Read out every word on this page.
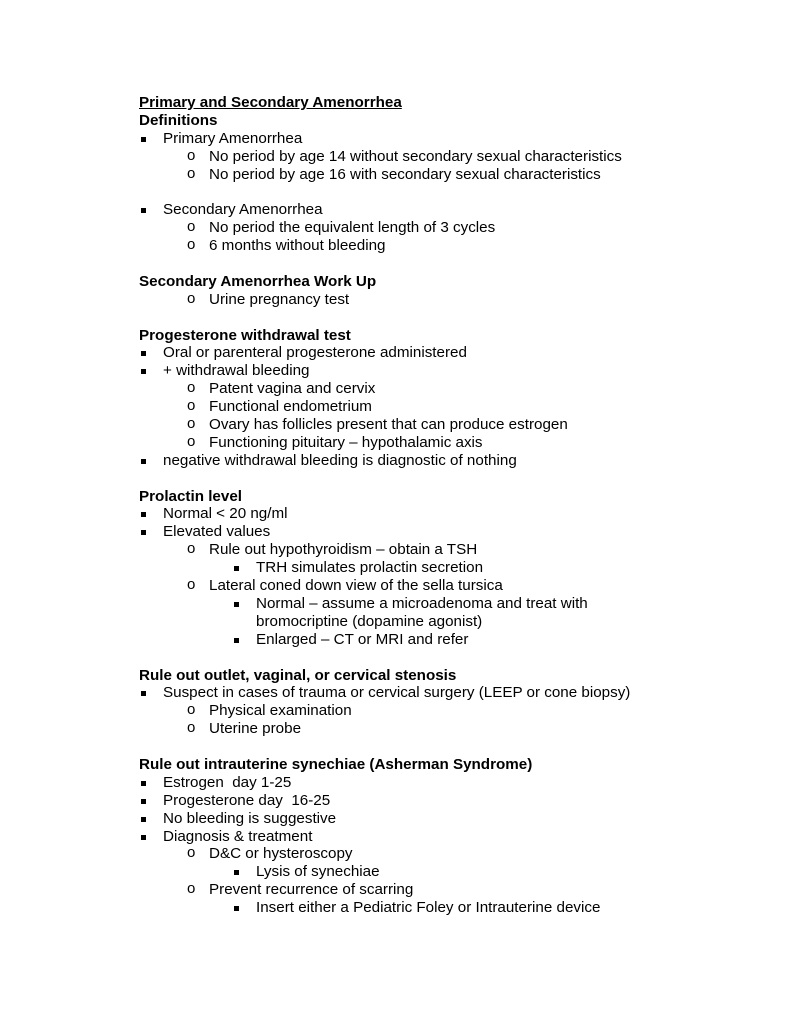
Primary and Secondary Amenorrhea
Definitions
Primary Amenorrhea
o No period by age 14 without secondary sexual characteristics
o No period by age 16 with secondary sexual characteristics
Secondary Amenorrhea
o No period the equivalent length of 3 cycles
o 6 months without bleeding
Secondary Amenorrhea Work Up
o Urine pregnancy test
Progesterone withdrawal test
Oral or parenteral progesterone administered
+ withdrawal bleeding
o Patent vagina and cervix
o Functional endometrium
o Ovary has follicles present that can produce estrogen
o Functioning pituitary – hypothalamic axis
negative withdrawal bleeding is diagnostic of nothing
Prolactin level
Normal < 20 ng/ml
Elevated values
o Rule out hypothyroidism – obtain a TSH
TRH simulates prolactin secretion
o Lateral coned down view of the sella tursica
Normal – assume a microadenoma and treat with
bromocriptine (dopamine agonist)
Enlarged – CT or MRI and refer
Rule out outlet, vaginal, or cervical stenosis
Suspect in cases of trauma or cervical surgery (LEEP or cone biopsy)
o Physical examination
o Uterine probe
Rule out intrauterine synechiae (Asherman Syndrome)
Estrogen  day 1-25
Progesterone day  16-25
No bleeding is suggestive
Diagnosis & treatment
o D&C or hysteroscopy
Lysis of synechiae
o Prevent recurrence of scarring
Insert either a Pediatric Foley or Intrauterine device
